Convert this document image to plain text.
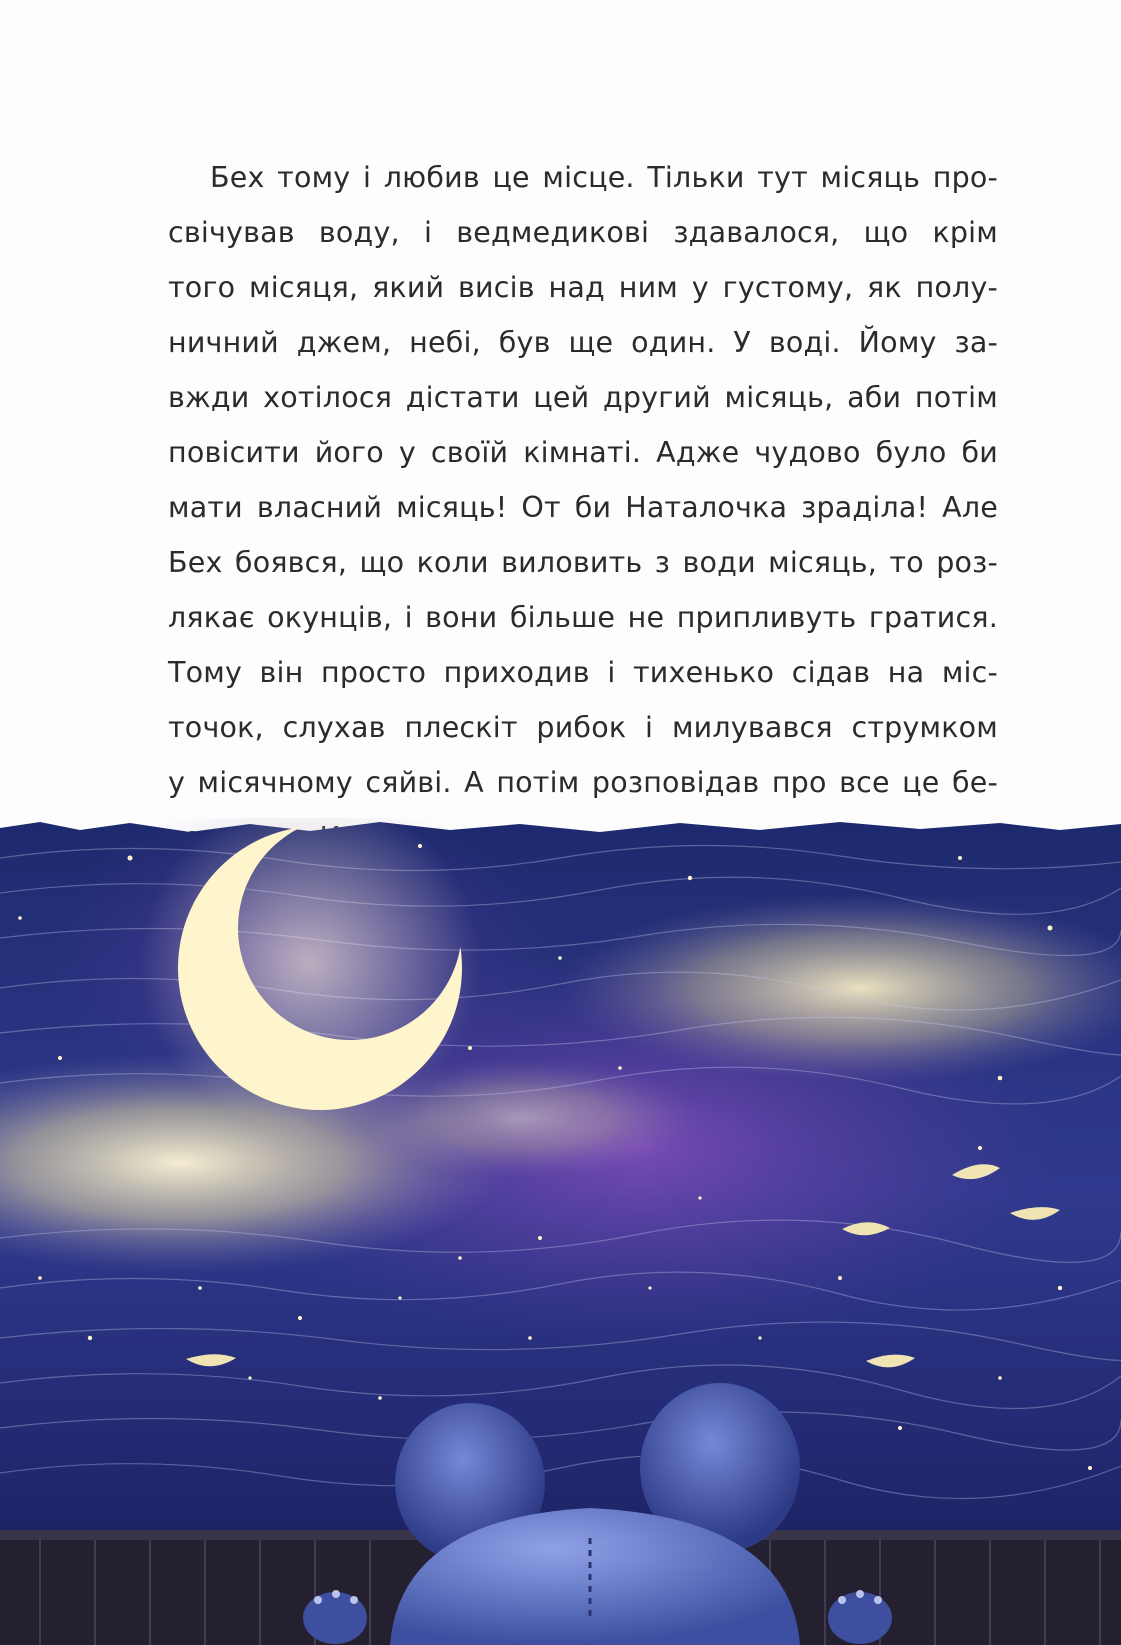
Бех тому і любив це місце. Тільки тут місяць про-
свічував воду, і ведмедикові здавалося, що крім
того місяця, який висів над ним у густому, як полу-
ничний джем, небі, був ще один. У воді. Йому за-
вжди хотілося дістати цей другий місяць, аби потім
повісити його у своїй кімнаті. Адже чудово було би
мати власний місяць! От би Наталочка зраділа! Але
Бех боявся, що коли виловить з води місяць, то роз-
лякає окунців, і вони більше не припливуть гратися.
Тому він просто приходив і тихенько сідав на міс-
точок, слухав плескіт рибок і милувався струмком
у місячному сяйві. А потім розповідав про все це бе-
